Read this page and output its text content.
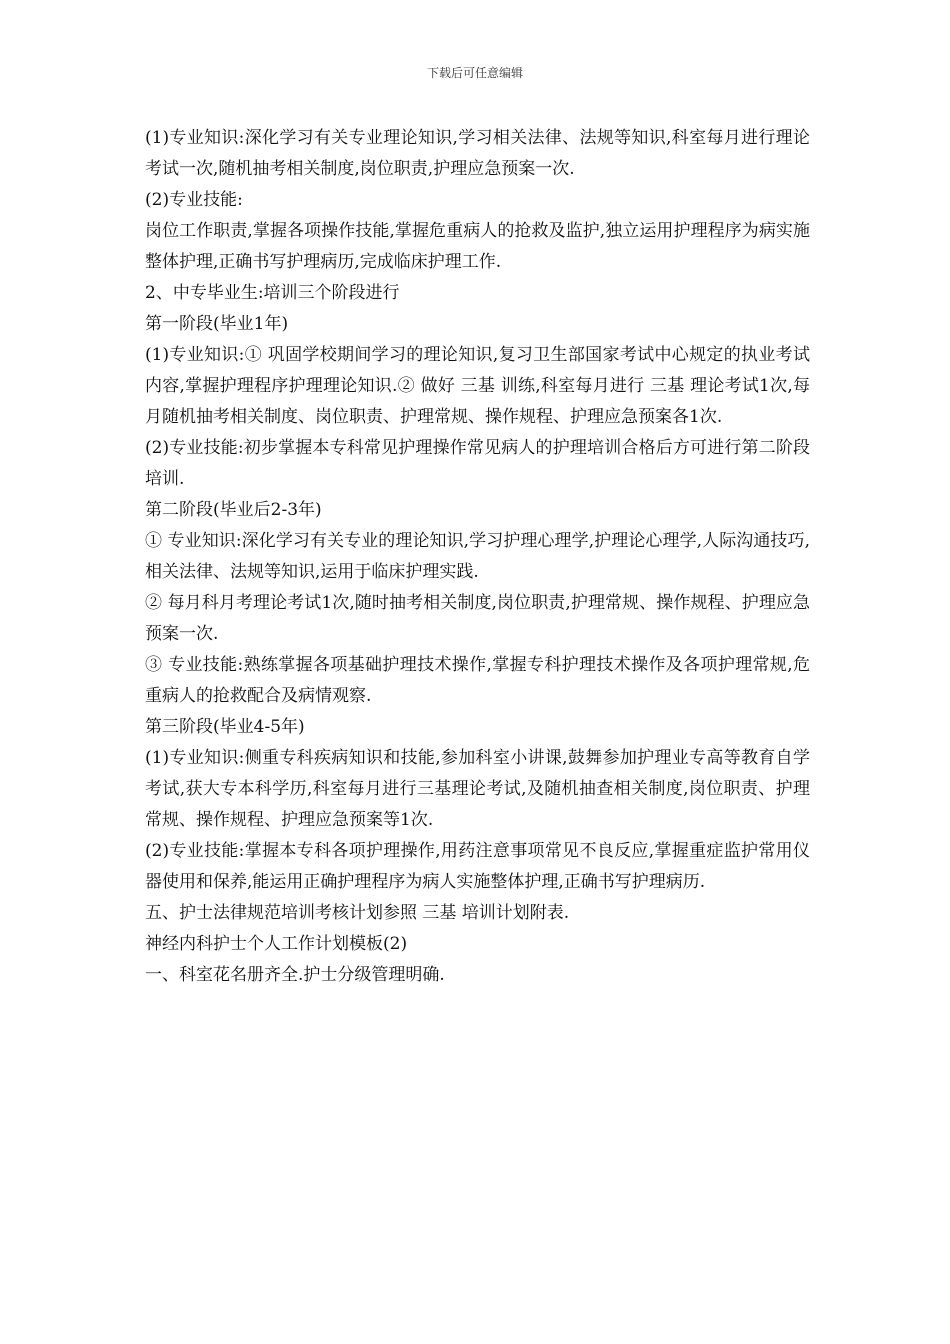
下载后可任意编辑

(1)专业知识:深化学习有关专业理论知识,学习相关法律、法规等知识,科室每月进行理论考试一次,随机抽考相关制度,岗位职责,护理应急预案一次.

(2)专业技能:

岗位工作职责,掌握各项操作技能,掌握危重病人的抢救及监护,独立运用护理程序为病实施整体护理,正确书写护理病历,完成临床护理工作.

2、中专毕业生:培训三个阶段进行

第一阶段(毕业1年)

(1)专业知识:① 巩固学校期间学习的理论知识,复习卫生部国家考试中心规定的执业考试内容,掌握护理程序护理理论知识.② 做好 三基 训练,科室每月进行 三基 理论考试1次,每月随机抽考相关制度、岗位职责、护理常规、操作规程、护理应急预案各1次.

(2)专业技能:初步掌握本专科常见护理操作常见病人的护理培训合格后方可进行第二阶段培训.

第二阶段(毕业后2-3年)

① 专业知识:深化学习有关专业的理论知识,学习护理心理学,护理论心理学,人际沟通技巧,相关法律、法规等知识,运用于临床护理实践.

② 每月科月考理论考试1次,随时抽考相关制度,岗位职责,护理常规、操作规程、护理应急预案一次.

③ 专业技能:熟练掌握各项基础护理技术操作,掌握专科护理技术操作及各项护理常规,危重病人的抢救配合及病情观察.

第三阶段(毕业4-5年)

(1)专业知识:侧重专科疾病知识和技能,参加科室小讲课,鼓舞参加护理业专高等教育自学考试,获大专本科学历,科室每月进行三基理论考试,及随机抽查相关制度,岗位职责、护理常规、操作规程、护理应急预案等1次.

(2)专业技能:掌握本专科各项护理操作,用药注意事项常见不良反应,掌握重症监护常用仪器使用和保养,能运用正确护理程序为病人实施整体护理,正确书写护理病历.

五、护士法律规范培训考核计划参照 三基 培训计划附表.

神经内科护士个人工作计划模板(2)

一、科室花名册齐全.护士分级管理明确.
